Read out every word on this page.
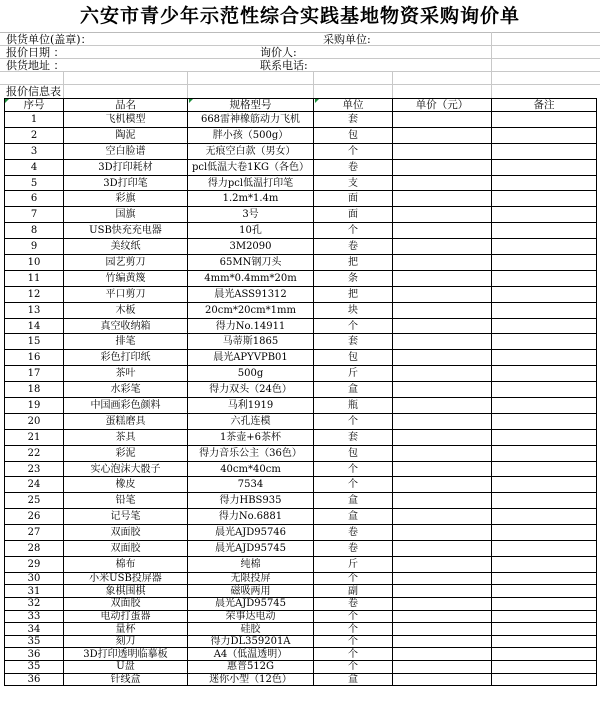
六安市青少年示范性综合实践基地物资采购询价单
供货单位(盖章)：	采购单位:
报价日期 ：	询价人:
供货地址 ：	联系电话:
报价信息表
序号	品名	规格型号	单位	单价（元）	备注
1	飞机模型	668雷神橡筋动力飞机	套		
2	陶泥	胖小孩（500g）	包		
3	空白脸谱	无痕空白款（男女）	个		
4	3D打印耗材	pcl低温大卷1KG（各色）	卷		
5	3D打印笔	得力pcl低温打印笔	支		
6	彩旗	1.2m*1.4m	面		
7	国旗	3号	面		
8	USB快充充电器	10孔	个		
9	美纹纸	3M2090	卷		
10	园艺剪刀	65MN钢刀头	把		
11	竹编黄篾	4mm*0.4mm*20m	条		
12	平口剪刀	晨光ASS91312	把		
13	木板	20cm*20cm*1mm	块		
14	真空收纳箱	得力No.14911	个		
15	排笔	马蒂斯1865	套		
16	彩色打印纸	晨光APYVPB01	包		
17	茶叶	500g	斤		
18	水彩笔	得力双头（24色）	盒		
19	中国画彩色颜料	马利1919	瓶		
20	蛋糕磨具	六孔连模	个		
21	茶具	1茶壶+6茶杯	套		
22	彩泥	得力音乐公主（36色）	包		
23	实心泡沫大骰子	40cm*40cm	个		
24	橡皮	7534	个		
25	铅笔	得力HBS935	盒		
26	记号笔	得力No.6881	盒		
27	双面胶	晨光AJD95746	卷		
28	双面胶	晨光AJD95745	卷		
29	棉布	纯棉	斤		
30	小米USB投屏器	无限投屏	个		
31	象棋围棋	磁吸两用	副		
32	双面胶	晨光AJD95745	卷		
33	电动打蛋器	荣事达电动	个		
34	量杯	硅胶	个		
35	刻刀	得力DL359201A	个		
36	3D打印透明临摹板	A4（低温透明）	个		
35	U盘	惠普512G	个		
36	针线盒	迷你小型（12色）	盒		
